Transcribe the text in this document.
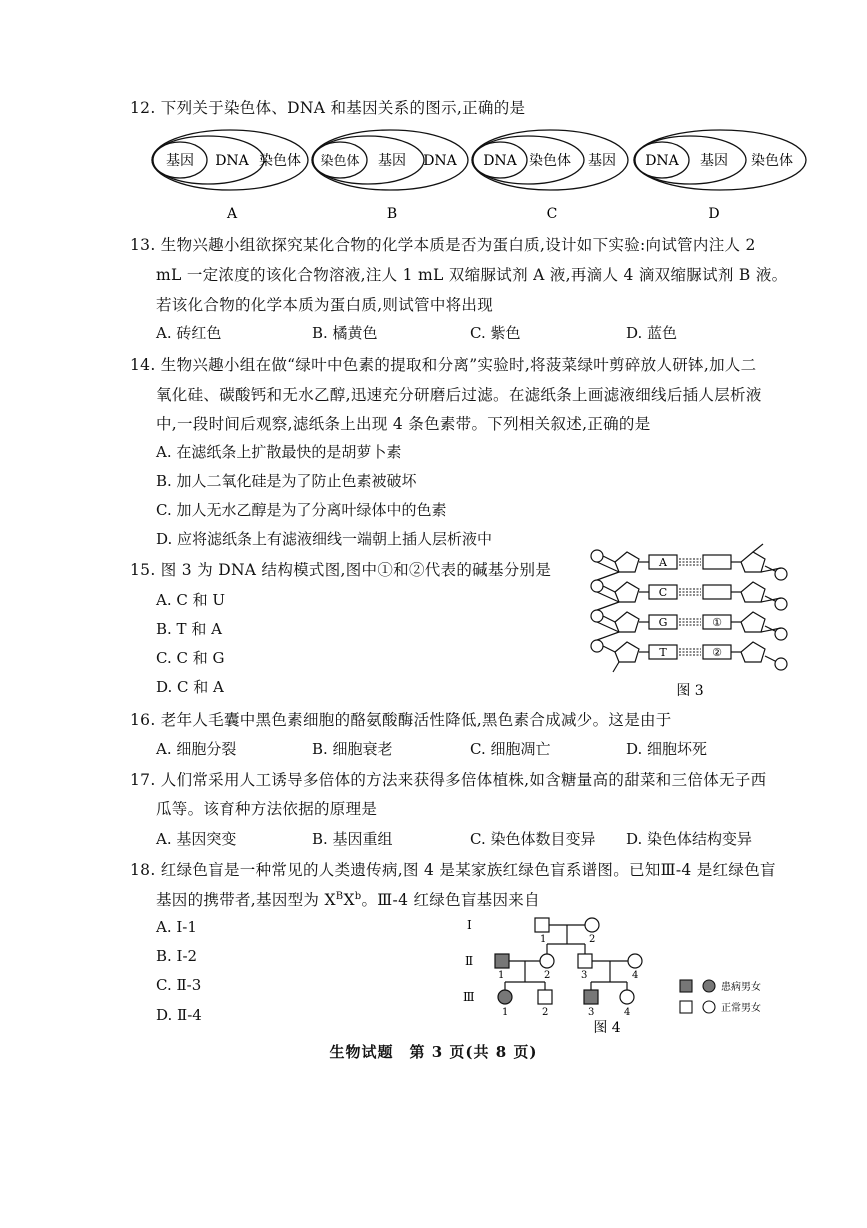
12. 下列关于染色体、DNA 和基因关系的图示,正确的是
基因 DNA 染色体
A
染色体 基因 DNA
B
DNA 染色体 基因
C
DNA 基因 染色体
D
13. 生物兴趣小组欲探究某化合物的化学本质是否为蛋白质,设计如下实验:向试管内注人 2
mL 一定浓度的该化合物溶液,注人 1 mL 双缩脲试剂 A 液,再滴人 4 滴双缩脲试剂 B 液。
若该化合物的化学本质为蛋白质,则试管中将出现
A. 砖红色	B. 橘黄色	C. 紫色	D. 蓝色
14. 生物兴趣小组在做“绿叶中色素的提取和分离”实验时,将菠菜绿叶剪碎放人研钵,加人二
氧化硅、碳酸钙和无水乙醇,迅速充分研磨后过滤。在滤纸条上画滤液细线后插人层析液
中,一段时间后观察,滤纸条上出现 4 条色素带。下列相关叙述,正确的是
A. 在滤纸条上扩散最快的是胡萝卜素
B. 加人二氧化硅是为了防止色素被破坏
C. 加人无水乙醇是为了分离叶绿体中的色素
D. 应将滤纸条上有滤液细线一端朝上插人层析液中
15. 图 3 为 DNA 结构模式图,图中①和②代表的碱基分别是
A. C 和 U
B. T 和 A
C. C 和 G
D. C 和 A
A
C
G	①
T	②
图 3
16. 老年人毛囊中黑色素细胞的酪氨酸酶活性降低,黑色素合成减少。这是由于
A. 细胞分裂	B. 细胞衰老	C. 细胞凋亡	D. 细胞坏死
17. 人们常采用人工诱导多倍体的方法来获得多倍体植株,如含糖量高的甜菜和三倍体无子西
瓜等。该育种方法依据的原理是
A. 基因突变	B. 基因重组	C. 染色体数目变异 D. 染色体结构变异
18. 红绿色盲是一种常见的人类遗传病,图 4 是某家族红绿色盲系谱图。已知Ⅲ-4 是红绿色盲
基因的携带者,基因型为 $X^BX^b$。Ⅲ-4 红绿色盲基因来自
A. Ⅰ-1
B. Ⅰ-2
C. Ⅱ-3
D. Ⅱ-4
Ⅰ
Ⅱ
Ⅲ
1	2
1	2	3	4
1	2	3	4
患病男女
正常男女
图 4
生物试题　第 3 页(共 8 页)
